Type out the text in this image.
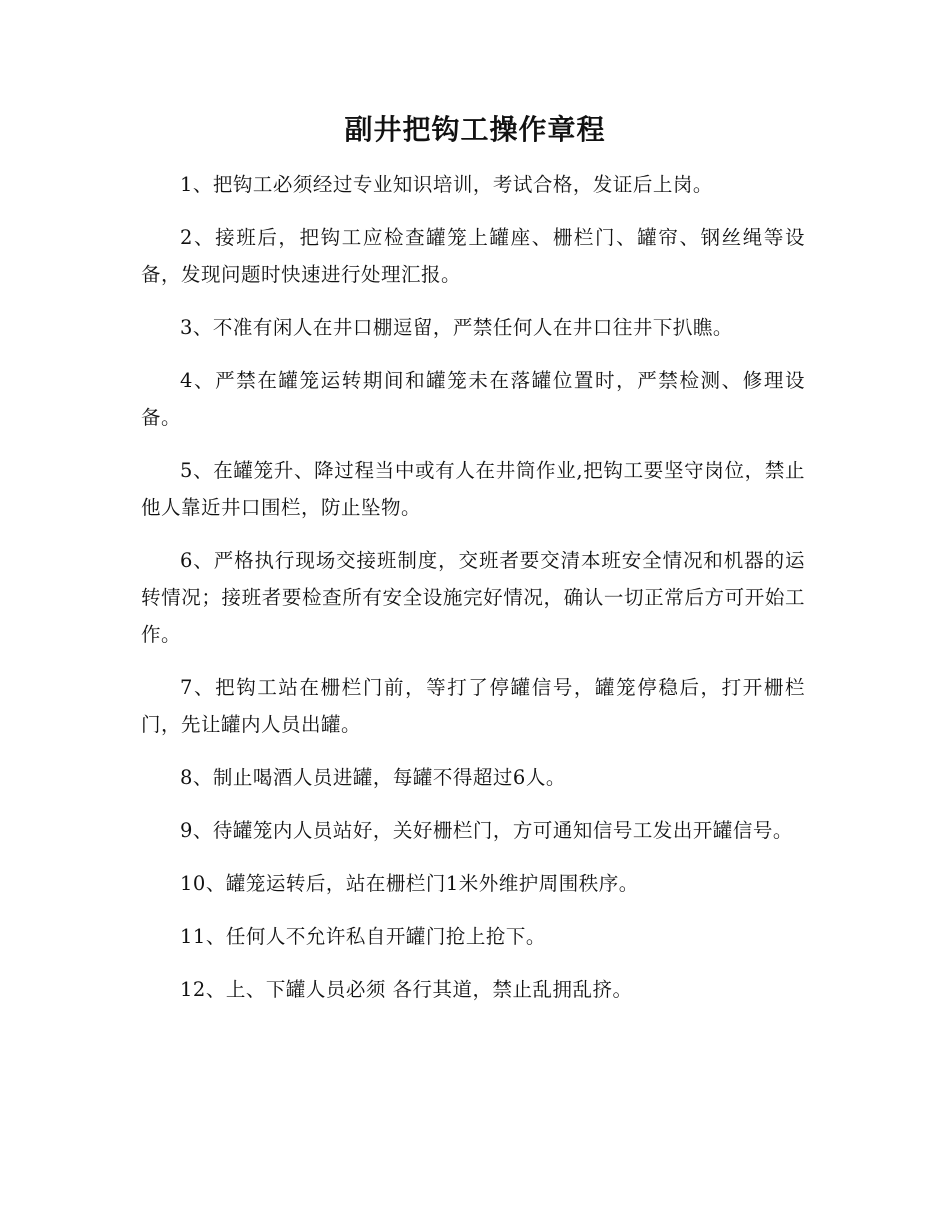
副井把钩工操作章程

1、把钩工必须经过专业知识培训，考试合格，发证后上岗。

2、接班后，把钩工应检查罐笼上罐座、栅栏门、罐帘、钢丝绳等设备，发现问题时快速进行处理汇报。

3、不准有闲人在井口棚逗留，严禁任何人在井口往井下扒瞧。

4、严禁在罐笼运转期间和罐笼未在落罐位置时，严禁检测、修理设备。

5、在罐笼升、降过程当中或有人在井筒作业,把钩工要坚守岗位，禁止他人靠近井口围栏，防止坠物。

6、严格执行现场交接班制度，交班者要交清本班安全情况和机器的运转情况；接班者要检查所有安全设施完好情况，确认一切正常后方可开始工作。

7、把钩工站在栅栏门前，等打了停罐信号，罐笼停稳后，打开栅栏门，先让罐内人员出罐。

8、制止喝酒人员进罐，每罐不得超过6人。

9、待罐笼内人员站好，关好栅栏门，方可通知信号工发出开罐信号。

10、罐笼运转后，站在栅栏门1米外维护周围秩序。

11、任何人不允许私自开罐门抢上抢下。

12、上、下罐人员必须 各行其道，禁止乱拥乱挤。
